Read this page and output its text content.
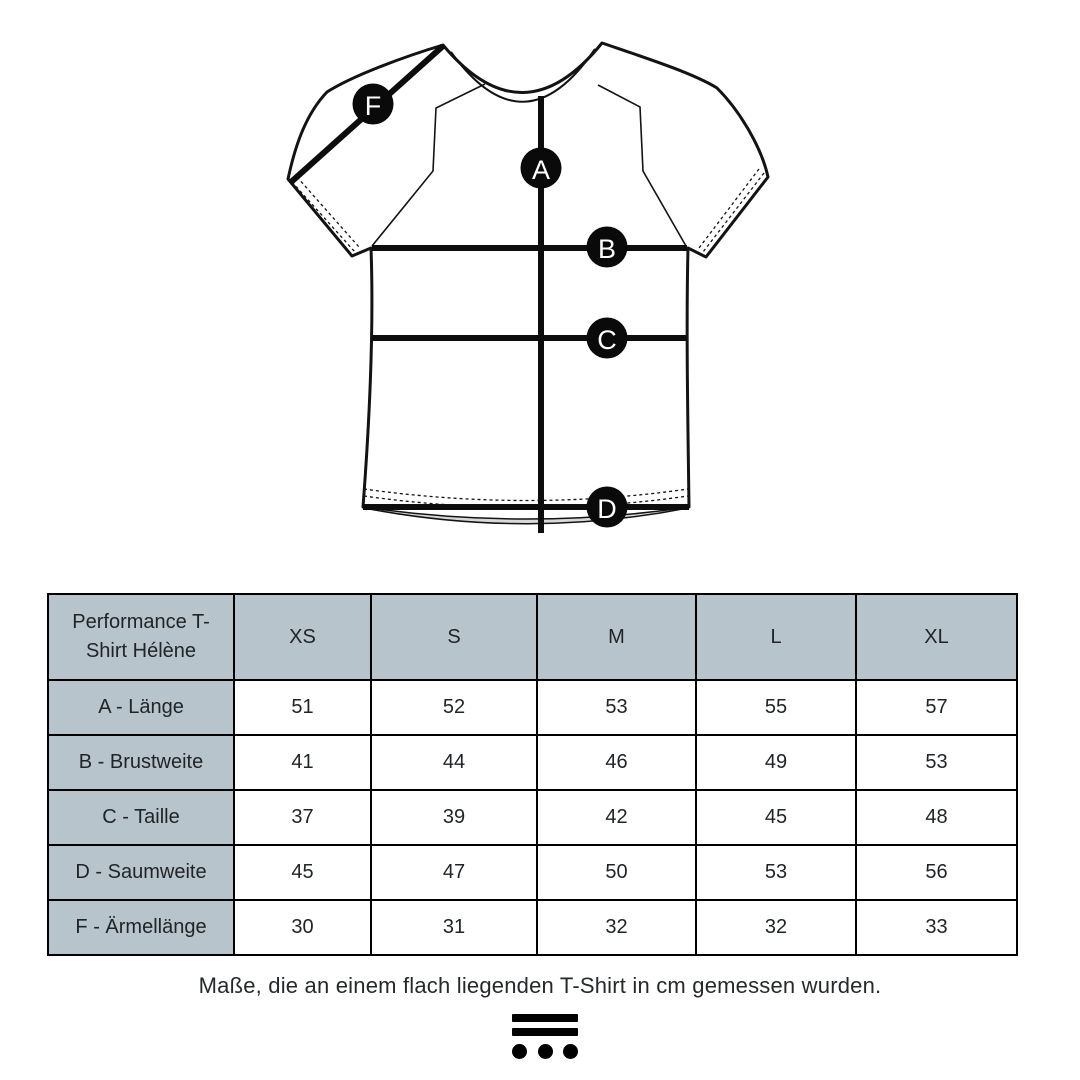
F
A
B
C
D
Performance T-Shirt Hélène	XS	S	M	L	XL
A - Länge	51	52	53	55	57
B - Brustweite	41	44	46	49	53
C - Taille	37	39	42	45	48
D - Saumweite	45	47	50	53	56
F - Ärmellänge	30	31	32	32	33
Maße, die an einem flach liegenden T-Shirt in cm gemessen wurden.
